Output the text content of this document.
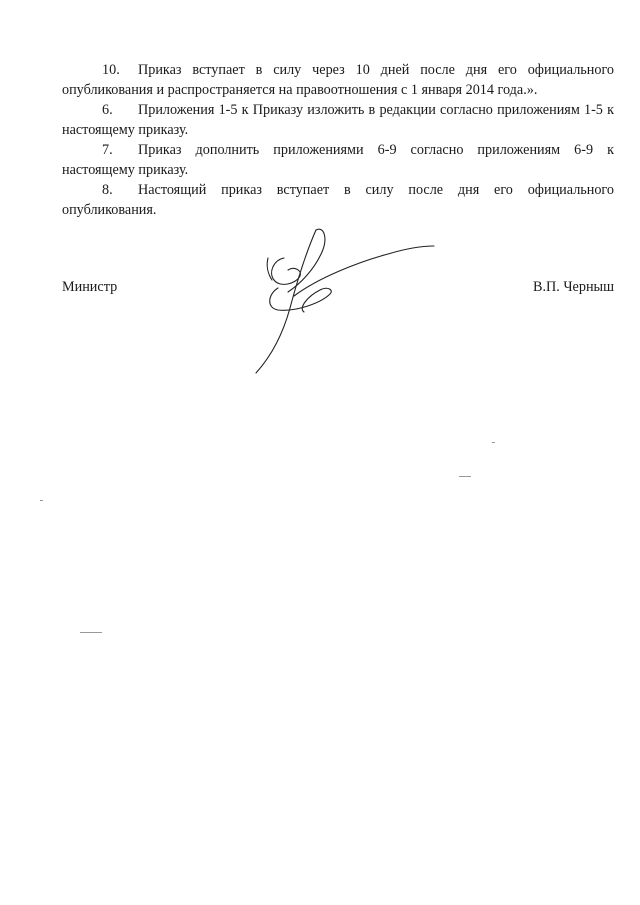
10. Приказ вступает в силу через 10 дней после дня его официального опубликования и распространяется на правоотношения с 1 января 2014 года.».

6. Приложения 1-5 к Приказу изложить в редакции согласно приложениям 1-5 к настоящему приказу.

7. Приказ дополнить приложениями 6-9 согласно приложениям 6-9 к настоящему приказу.

8. Настоящий приказ вступает в силу после дня его официального опубликования.

Министр	В.П. Черныш
